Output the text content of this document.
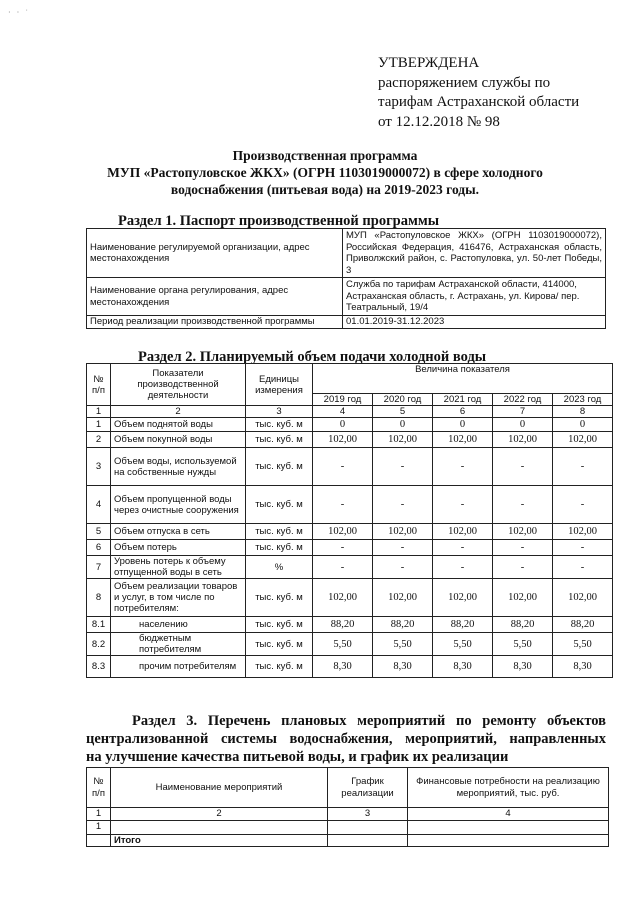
· · ˙
УТВЕРЖДЕНА
распоряжением службы по
тарифам Астраханской области
от 12.12.2018 № 98
Производственная программа
МУП «Растопуловское ЖКХ» (ОГРН 1103019000072) в сфере холодного
водоснабжения (питьевая вода) на 2019-2023 годы.
Раздел 1. Паспорт производственной программы
Наименование регулируемой организации, адрес местонахождения	МУП «Растопуловское ЖКХ» (ОГРН 1103019000072), Российская Федерация, 416476, Астраханская область, Приволжский район, с. Растопуловка, ул. 50-лет Победы, 3
Наименование органа регулирования, адрес местонахождения	Служба по тарифам Астраханской области, 414000, Астраханская область, г. Астрахань, ул. Кирова/ пер. Театральный, 19/4
Период реализации производственной программы	01.01.2019-31.12.2023
Раздел 2. Планируемый объем подачи холодной воды
№ п/п	Показатели производственной деятельности	Единицы измерения	Величина показателя				
			2019 год	2020 год	2021 год	2022 год	2023 год
1	2	3	4	5	6	7	8
1	Объем поднятой воды	тыс. куб. м	0	0	0	0	0
2	Объем покупной воды	тыс. куб. м	102,00	102,00	102,00	102,00	102,00
3	Объем воды, используемой на собственные нужды	тыс. куб. м	-	-	-	-	-
4	Объем пропущенной воды через очистные сооружения	тыс. куб. м	-	-	-	-	-
5	Объем отпуска в сеть	тыс. куб. м	102,00	102,00	102,00	102,00	102,00
6	Объем потерь	тыс. куб. м	-	-	-	-	-
7	Уровень потерь к объему отпущенной воды в сеть	%	-	-	-	-	-
8	Объем реализации товаров и услуг, в том числе по потребителям:	тыс. куб. м	102,00	102,00	102,00	102,00	102,00
8.1	населению	тыс. куб. м	88,20	88,20	88,20	88,20	88,20
8.2	бюджетным потребителям	тыс. куб. м	5,50	5,50	5,50	5,50	5,50
8.3	прочим потребителям	тыс. куб. м	8,30	8,30	8,30	8,30	8,30
Раздел 3. Перечень плановых мероприятий по ремонту объектов
централизованной системы водоснабжения, мероприятий, направленных
на улучшение качества питьевой воды, и график их реализации
№ п/п	Наименование мероприятий	График реализации	Финансовые потребности на реализацию мероприятий, тыс. руб.
1	2	3	4
1			
	Итого		
